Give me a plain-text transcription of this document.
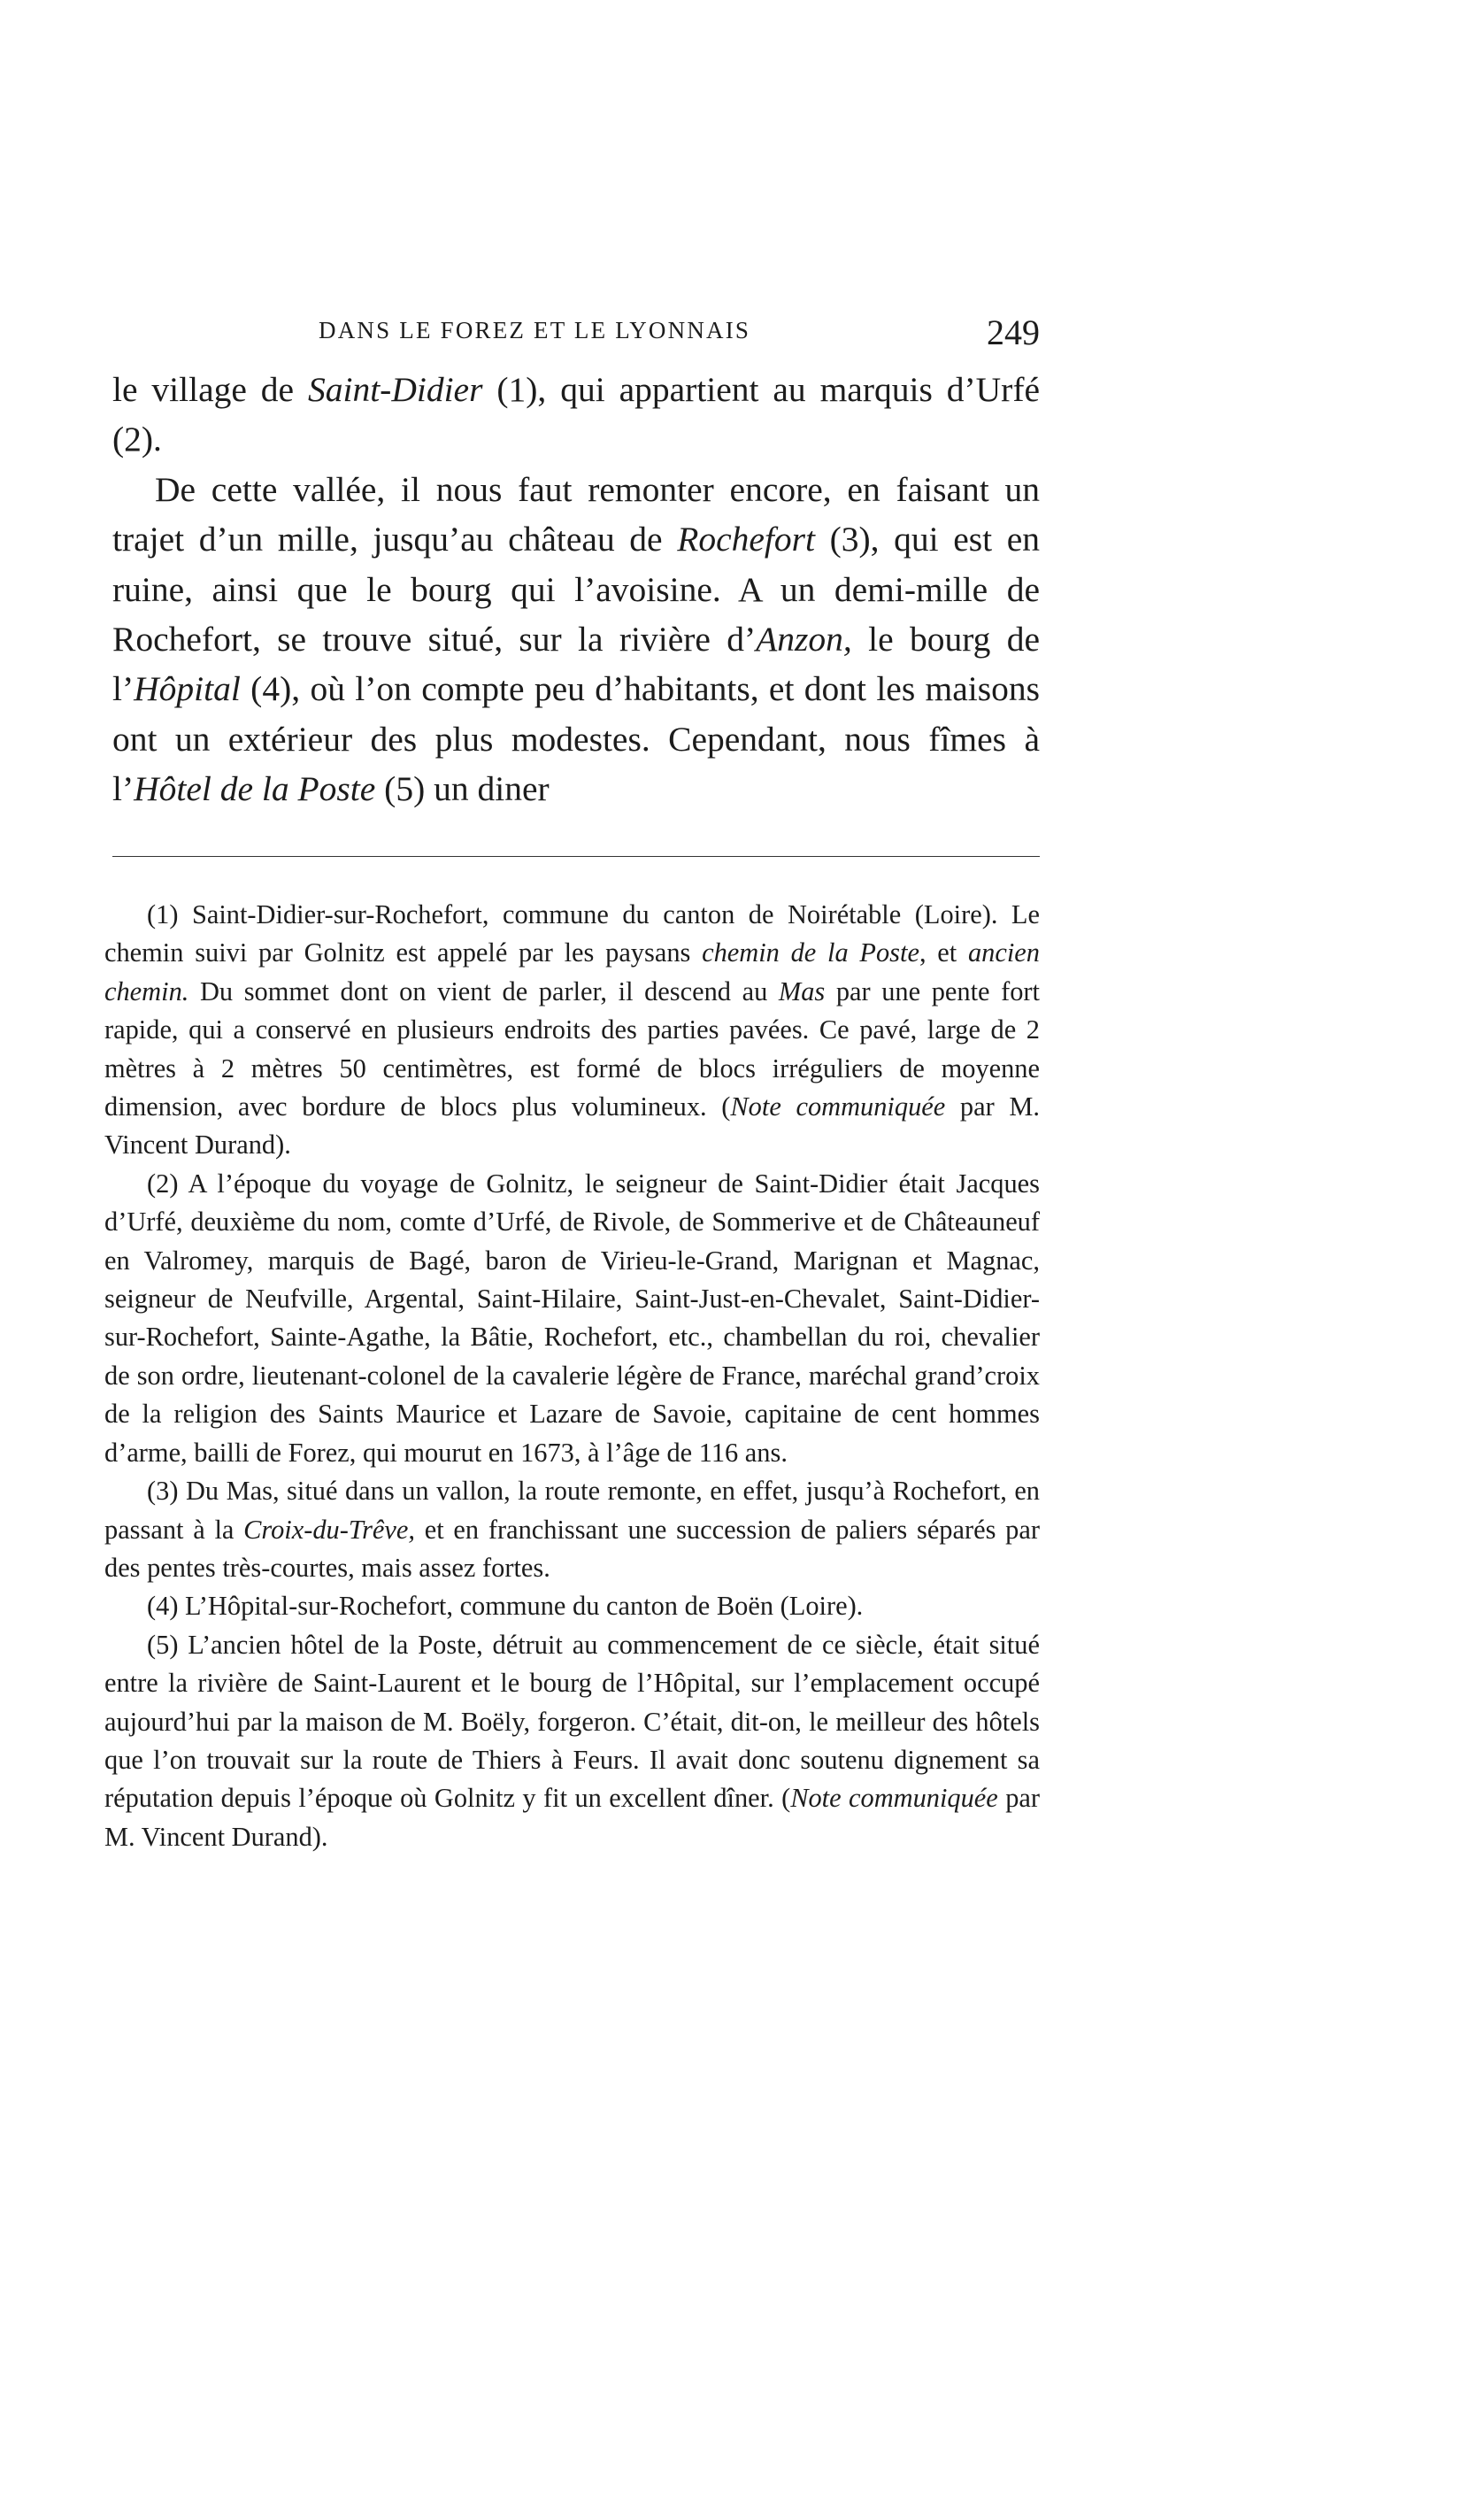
DANS LE FOREZ ET LE LYONNAIS	249

le village de Saint-Didier (1), qui appartient au marquis d’Urfé (2).

De cette vallée, il nous faut remonter encore, en faisant un trajet d’un mille, jusqu’au château de Rochefort (3), qui est en ruine, ainsi que le bourg qui l’avoisine. A un demi-mille de Rochefort, se trouve situé, sur la rivière d’Anzon, le bourg de l’Hôpital (4), où l’on compte peu d’habitants, et dont les maisons ont un extérieur des plus modestes. Cependant, nous fîmes à l’Hôtel de la Poste (5) un diner

(1) Saint-Didier-sur-Rochefort, commune du canton de Noirétable (Loire). Le chemin suivi par Golnitz est appelé par les paysans chemin de la Poste, et ancien chemin. Du sommet dont on vient de parler, il descend au Mas par une pente fort rapide, qui a conservé en plusieurs endroits des parties pavées. Ce pavé, large de 2 mètres à 2 mètres 50 centimètres, est formé de blocs irréguliers de moyenne dimension, avec bordure de blocs plus volumineux. (Note communiquée par M. Vincent Durand).

(2) A l’époque du voyage de Golnitz, le seigneur de Saint-Didier était Jacques d’Urfé, deuxième du nom, comte d’Urfé, de Rivole, de Sommerive et de Châteauneuf en Valromey, marquis de Bagé, baron de Virieu-le-Grand, Marignan et Magnac, seigneur de Neufville, Argental, Saint-Hilaire, Saint-Just-en-Chevalet, Saint-Didier-sur-Rochefort, Sainte-Agathe, la Bâtie, Rochefort, etc., chambellan du roi, chevalier de son ordre, lieutenant-colonel de la cavalerie légère de France, maréchal grand’croix de la religion des Saints Maurice et Lazare de Savoie, capitaine de cent hommes d’arme, bailli de Forez, qui mourut en 1673, à l’âge de 116 ans.

(3) Du Mas, situé dans un vallon, la route remonte, en effet, jusqu’à Rochefort, en passant à la Croix-du-Trêve, et en franchissant une succession de paliers séparés par des pentes très-courtes, mais assez fortes.

(4) L’Hôpital-sur-Rochefort, commune du canton de Boën (Loire).

(5) L’ancien hôtel de la Poste, détruit au commencement de ce siècle, était situé entre la rivière de Saint-Laurent et le bourg de l’Hôpital, sur l’emplacement occupé aujourd’hui par la maison de M. Boëly, forgeron. C’était, dit-on, le meilleur des hôtels que l’on trouvait sur la route de Thiers à Feurs. Il avait donc soutenu dignement sa réputation depuis l’époque où Golnitz y fit un excellent dîner. (Note communiquée par M. Vincent Durand).
